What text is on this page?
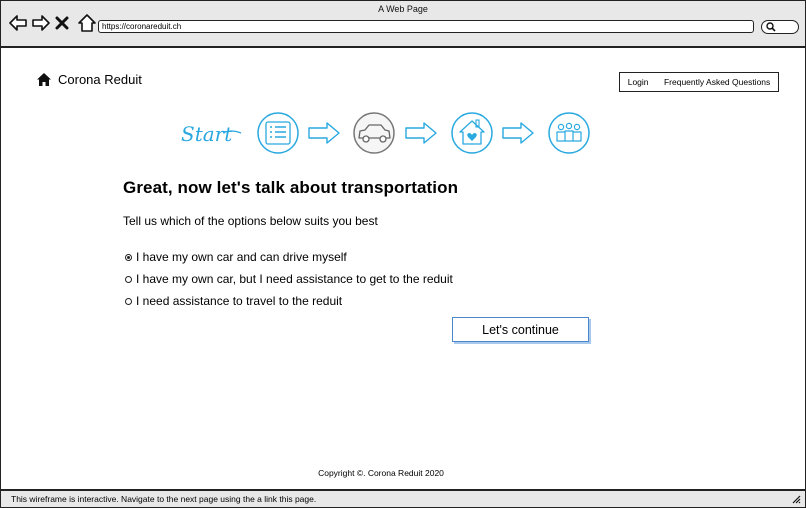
A Web Page
https://coronareduit.ch
Corona Reduit	Login Frequently Asked Questions
Start
Great, now let's talk about transportation
Tell us which of the options below suits you best
I have my own car and can drive myself
I have my own car, but I need assistance to get to the reduit
I need assistance to travel to the reduit
Let's continue
Copyright ©. Corona Reduit 2020
This wireframe is interactive. Navigate to the next page using the a link this page.
